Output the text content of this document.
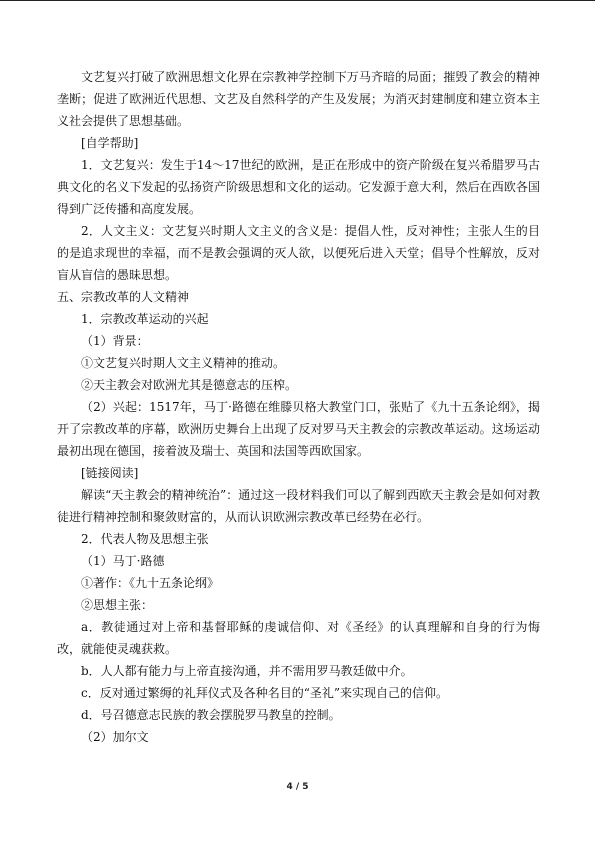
文艺复兴打破了欧洲思想文化界在宗教神学控制下万马齐暗的局面；摧毁了教会的精神垄断；促进了欧洲近代思想、文艺及自然科学的产生及发展；为消灭封建制度和建立资本主义社会提供了思想基础。

[自学帮助]

1．文艺复兴：发生于14～17世纪的欧洲，是正在形成中的资产阶级在复兴希腊罗马古典文化的名义下发起的弘扬资产阶级思想和文化的运动。它发源于意大利，然后在西欧各国得到广泛传播和高度发展。

2．人文主义：文艺复兴时期人文主义的含义是：提倡人性，反对神性；主张人生的目的是追求现世的幸福，而不是教会强调的灭人欲，以便死后进入天堂；倡导个性解放，反对盲从盲信的愚昧思想。

五、宗教改革的人文精神

1．宗教改革运动的兴起

（1）背景：

①文艺复兴时期人文主义精神的推动。

②天主教会对欧洲尤其是德意志的压榨。

（2）兴起：1517年，马丁·路德在维滕贝格大教堂门口，张贴了《九十五条论纲》，揭开了宗教改革的序幕，欧洲历史舞台上出现了反对罗马天主教会的宗教改革运动。这场运动最初出现在德国，接着波及瑞士、英国和法国等西欧国家。

[链接阅读]

解读“天主教会的精神统治”：通过这一段材料我们可以了解到西欧天主教会是如何对教徒进行精神控制和聚敛财富的，从而认识欧洲宗教改革已经势在必行。

2．代表人物及思想主张

（1）马丁·路德

①著作：《九十五条论纲》

②思想主张：

a．教徒通过对上帝和基督耶稣的虔诚信仰、对《圣经》的认真理解和自身的行为悔改，就能使灵魂获救。

b．人人都有能力与上帝直接沟通，并不需用罗马教廷做中介。

c．反对通过繁缛的礼拜仪式及各种名目的“圣礼”来实现自己的信仰。

d．号召德意志民族的教会摆脱罗马教皇的控制。

（2）加尔文

4 / 5
